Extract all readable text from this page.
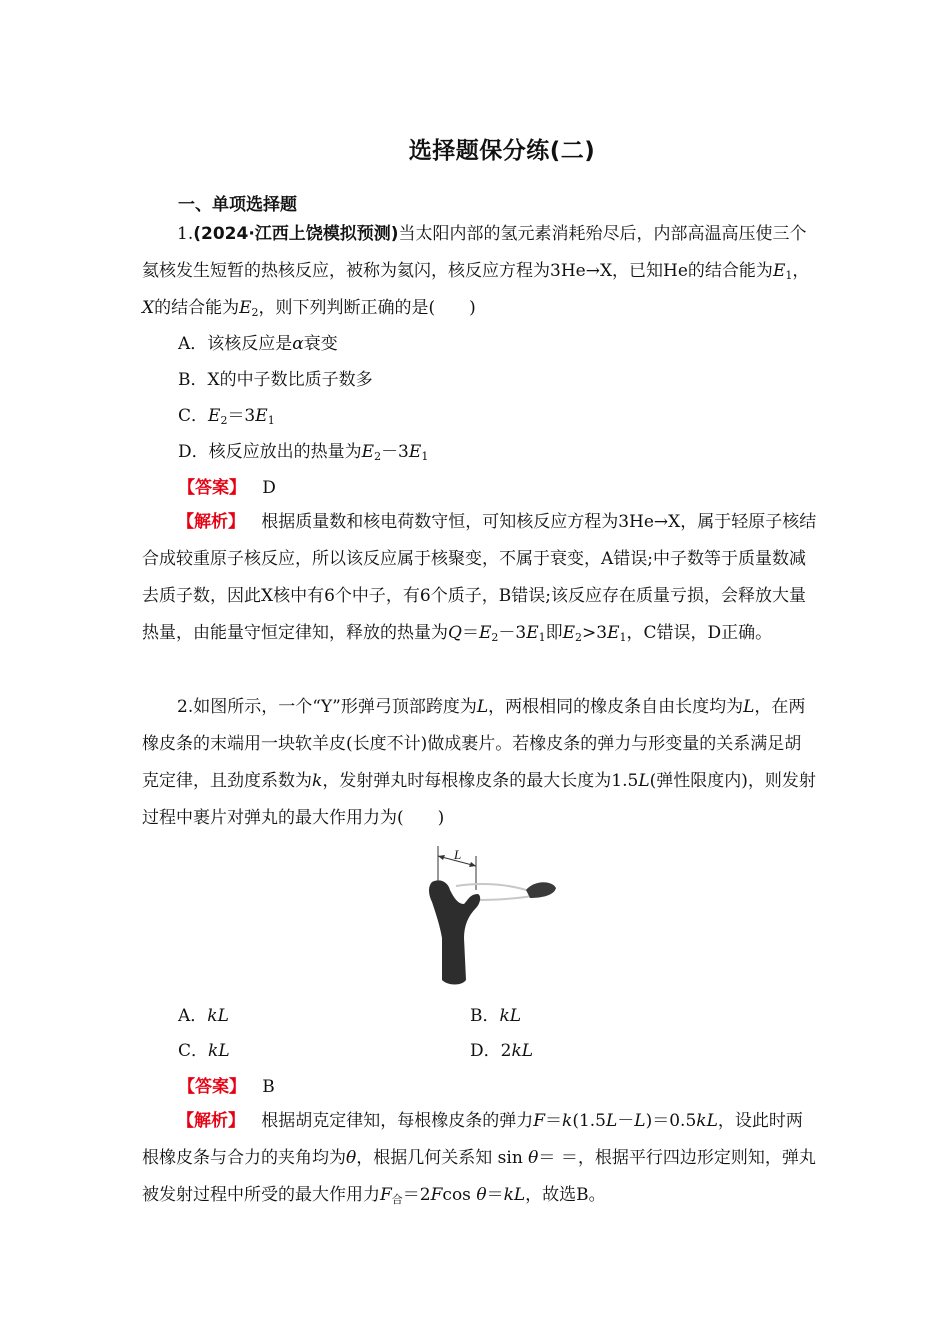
选择题保分练(二)
一、单项选择题
1.(2024·江西上饶模拟预测)当太阳内部的氢元素消耗殆尽后，内部高温高压使三个氦核发生短暂的热核反应，被称为氦闪，核反应方程为3He→X，已知He的结合能为$E_1$，X的结合能为$E_2$，则下列判断正确的是(　　)
A．该核反应是α衰变
B．X的中子数比质子数多
C．$E_2=3E_1$
D．核反应放出的热量为$E_2-3E_1$
【答案】 D
【解析】 根据质量数和核电荷数守恒，可知核反应方程为3He→X，属于轻原子核结合成较重原子核反应，所以该反应属于核聚变，不属于衰变，A错误;中子数等于质量数减去质子数，因此X核中有6个中子，有6个质子，B错误;该反应存在质量亏损，会释放大量热量，由能量守恒定律知，释放的热量为$Q=E_2-3E_1$即$E_2>3E_1$，C错误，D正确。
2.如图所示，一个“Y”形弹弓顶部跨度为L，两根相同的橡皮条自由长度均为L，在两橡皮条的末端用一块软羊皮(长度不计)做成裹片。若橡皮条的弹力与形变量的关系满足胡克定律，且劲度系数为k，发射弹丸时每根橡皮条的最大长度为1.5L(弹性限度内)，则发射过程中裹片对弹丸的最大作用力为(　　)
L
A．kL	B．kL
C．kL	D．2kL
【答案】 B
【解析】 根据胡克定律知，每根橡皮条的弹力F＝k(1.5L－L)＝0.5kL，设此时两根橡皮条与合力的夹角均为θ，根据几何关系知 sin θ＝ ＝，根据平行四边形定则知，弹丸被发射过程中所受的最大作用力$F_合=2Fcos$ θ＝kL，故选B。
